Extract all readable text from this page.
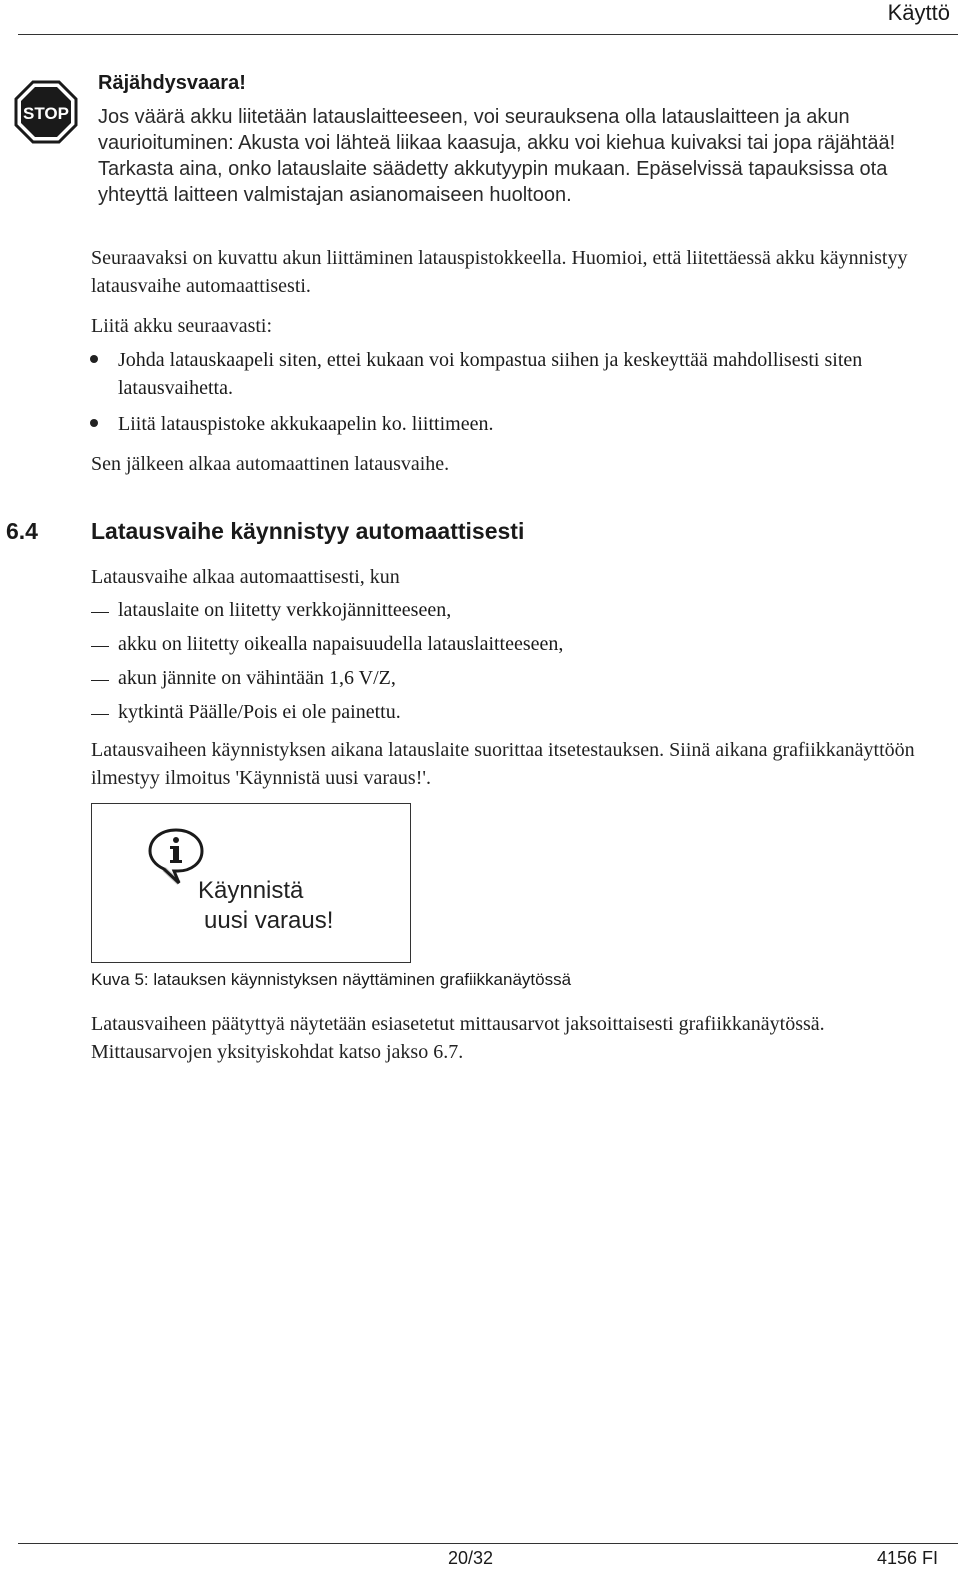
Käyttö
STOP
Räjähdysvaara!

Jos väärä akku liitetään latauslaitteeseen, voi seurauksena olla latauslaitteen ja akun vaurioituminen: Akusta voi lähteä liikaa kaasuja, akku voi kiehua kuivaksi tai jopa räjähtää!

Tarkasta aina, onko latauslaite säädetty akkutyypin mukaan. Epäselvissä tapauksissa ota yhteyttä laitteen valmistajan asianomaiseen huoltoon.

Seuraavaksi on kuvattu akun liittäminen latauspistokkeella. Huomioi, että liitettäessä akku käynnistyy latausvaihe automaattisesti.
Liitä akku seuraavasti:
Johda latauskaapeli siten, ettei kukaan voi kompastua siihen ja keskeyttää mahdollisesti siten latausvaihetta.
Liitä latauspistoke akkukaapelin ko. liittimeen.
Sen jälkeen alkaa automaattinen latausvaihe.
6.4 Latausvaihe käynnistyy automaattisesti
Latausvaihe alkaa automaattisesti, kun
latauslaite on liitetty verkkojännitteeseen,
akku on liitetty oikealla napaisuudella latauslaitteeseen,
akun jännite on vähintään 1,6 V/Z,
kytkintä Päälle/Pois ei ole painettu.
Latausvaiheen käynnistyksen aikana latauslaite suorittaa itsetestauksen. Siinä aikana grafiikkanäyttöön ilmestyy ilmoitus 'Käynnistä uusi varaus!'.
Käynnistä
uusi varaus!
Kuva 5: latauksen käynnistyksen näyttäminen grafiikkanäytössä
Latausvaiheen päätyttyä näytetään esiasetetut mittausarvot jaksoittaisesti grafiikkanäytössä. Mittausarvojen yksityiskohdat katso jakso 6.7.
20/32	4156 FI
